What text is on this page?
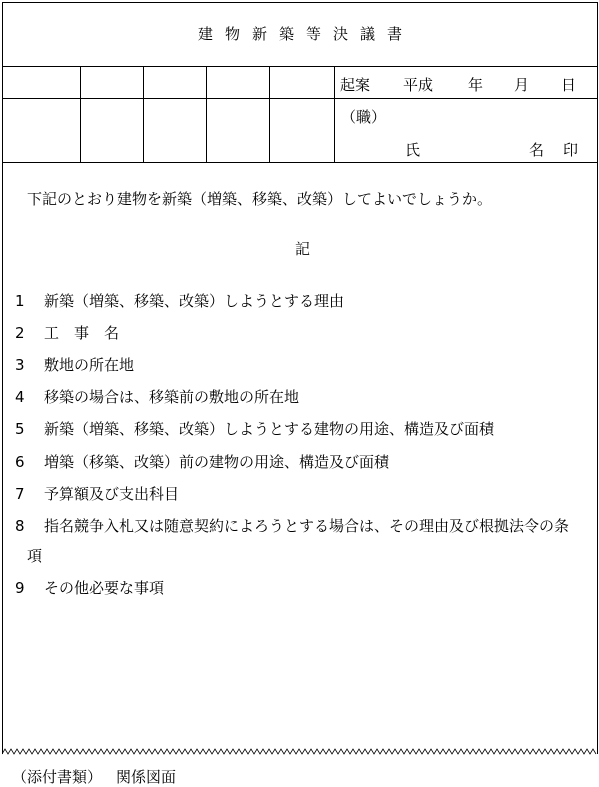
建物新築等決議書
起案 平成 年 月 日
（職）
氏	名 印
下記のとおり建物を新築（増築、移築、改築）してよいでしょうか。
記
1 新築（増築、移築、改築）しようとする理由
2 工　事　名
3 敷地の所在地
4 移築の場合は、移築前の敷地の所在地
5 新築（増築、移築、改築）しようとする建物の用途、構造及び面積
6 増築（移築、改築）前の建物の用途、構造及び面積
7 予算額及び支出科目
8 指名競争入札又は随意契約によろうとする場合は、その理由及び根拠法令の条
項
9 その他必要な事項
（添付書類） 関係図面
